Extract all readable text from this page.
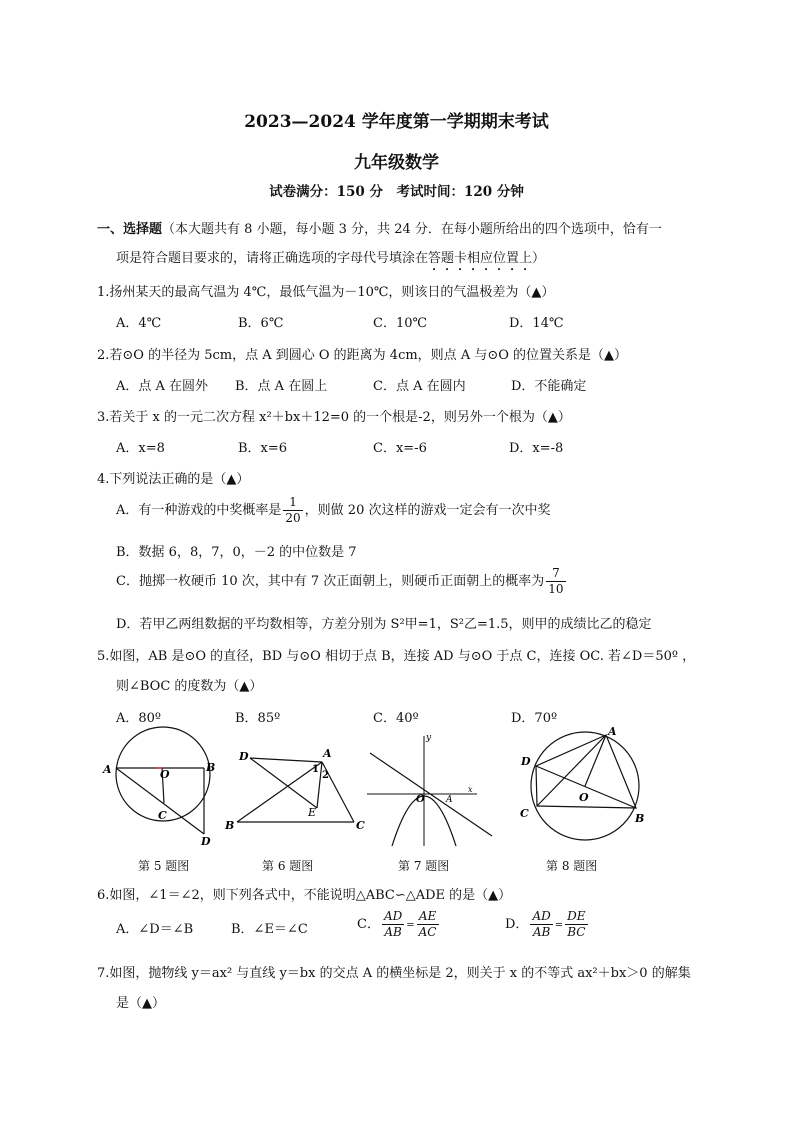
2023—2024 学年度第一学期期末考试
九年级数学
试卷满分：150 分　考试时间：120 分钟
一、选择题（本大题共有 8 小题，每小题 3 分，共 24 分．在每小题所给出的四个选项中，恰有一
项是符合题目要求的，请将正确选项的字母代号填涂在答题卡相应位置上）
1.扬州某天的最高气温为 4℃，最低气温为－10℃，则该日的气温极差为（▲）
A．4℃	B．6℃	C．10℃	D．14℃
2.若⊙O 的半径为 5cm，点 A 到圆心 O 的距离为 4cm，则点 A 与⊙O 的位置关系是（▲）
A．点 A 在圆外 B．点 A 在圆上	C．点 A 在圆内	D．不能确定
3.若关于 x 的一元二次方程 x²＋bx＋12=0 的一个根是-2，则另外一个根为（▲）
A．x=8	B．x=6	C．x=-6	D．x=-8
4.下列说法正确的是（▲）
A．有一种游戏的中奖概率是 $\frac{1}{20}$ ，则做 20 次这样的游戏一定会有一次中奖
B．数据 6，8，7，0，－2 的中位数是 7
C．抛掷一枚硬币 10 次，其中有 7 次正面朝上，则硬币正面朝上的概率为 $\frac{7}{10}$
D．若甲乙两组数据的平均数相等，方差分别为 S²甲=1，S²乙=1.5，则甲的成绩比乙的稳定
5.如图，AB 是⊙O 的直径，BD 与⊙O 相切于点 B，连接 AD 与⊙O 于点 C，连接 OC. 若∠D＝50º ，
则∠BOC 的度数为（▲）
A．80º	B．85º	C．40º	D．70º
A	O
B
C
D
D	A
1
2
E
B	C
y
O A
x
A
D
O
C	B
第 5 题图	第 6 题图	第 7 题图	第 8 题图
6.如图，∠1＝∠2，则下列各式中，不能说明△ABC∽△ADE 的是（▲）
A．∠D＝∠B	B．∠E＝∠C	C． $\frac{AD}{AB} = \frac{AE}{AC}$	D． $\frac{AD}{AB} = \frac{DE}{BC}$
7.如图，抛物线 y＝ax² 与直线 y＝bx 的交点 A 的横坐标是 2，则关于 x 的不等式 ax²＋bx＞0 的解集
是（▲）
